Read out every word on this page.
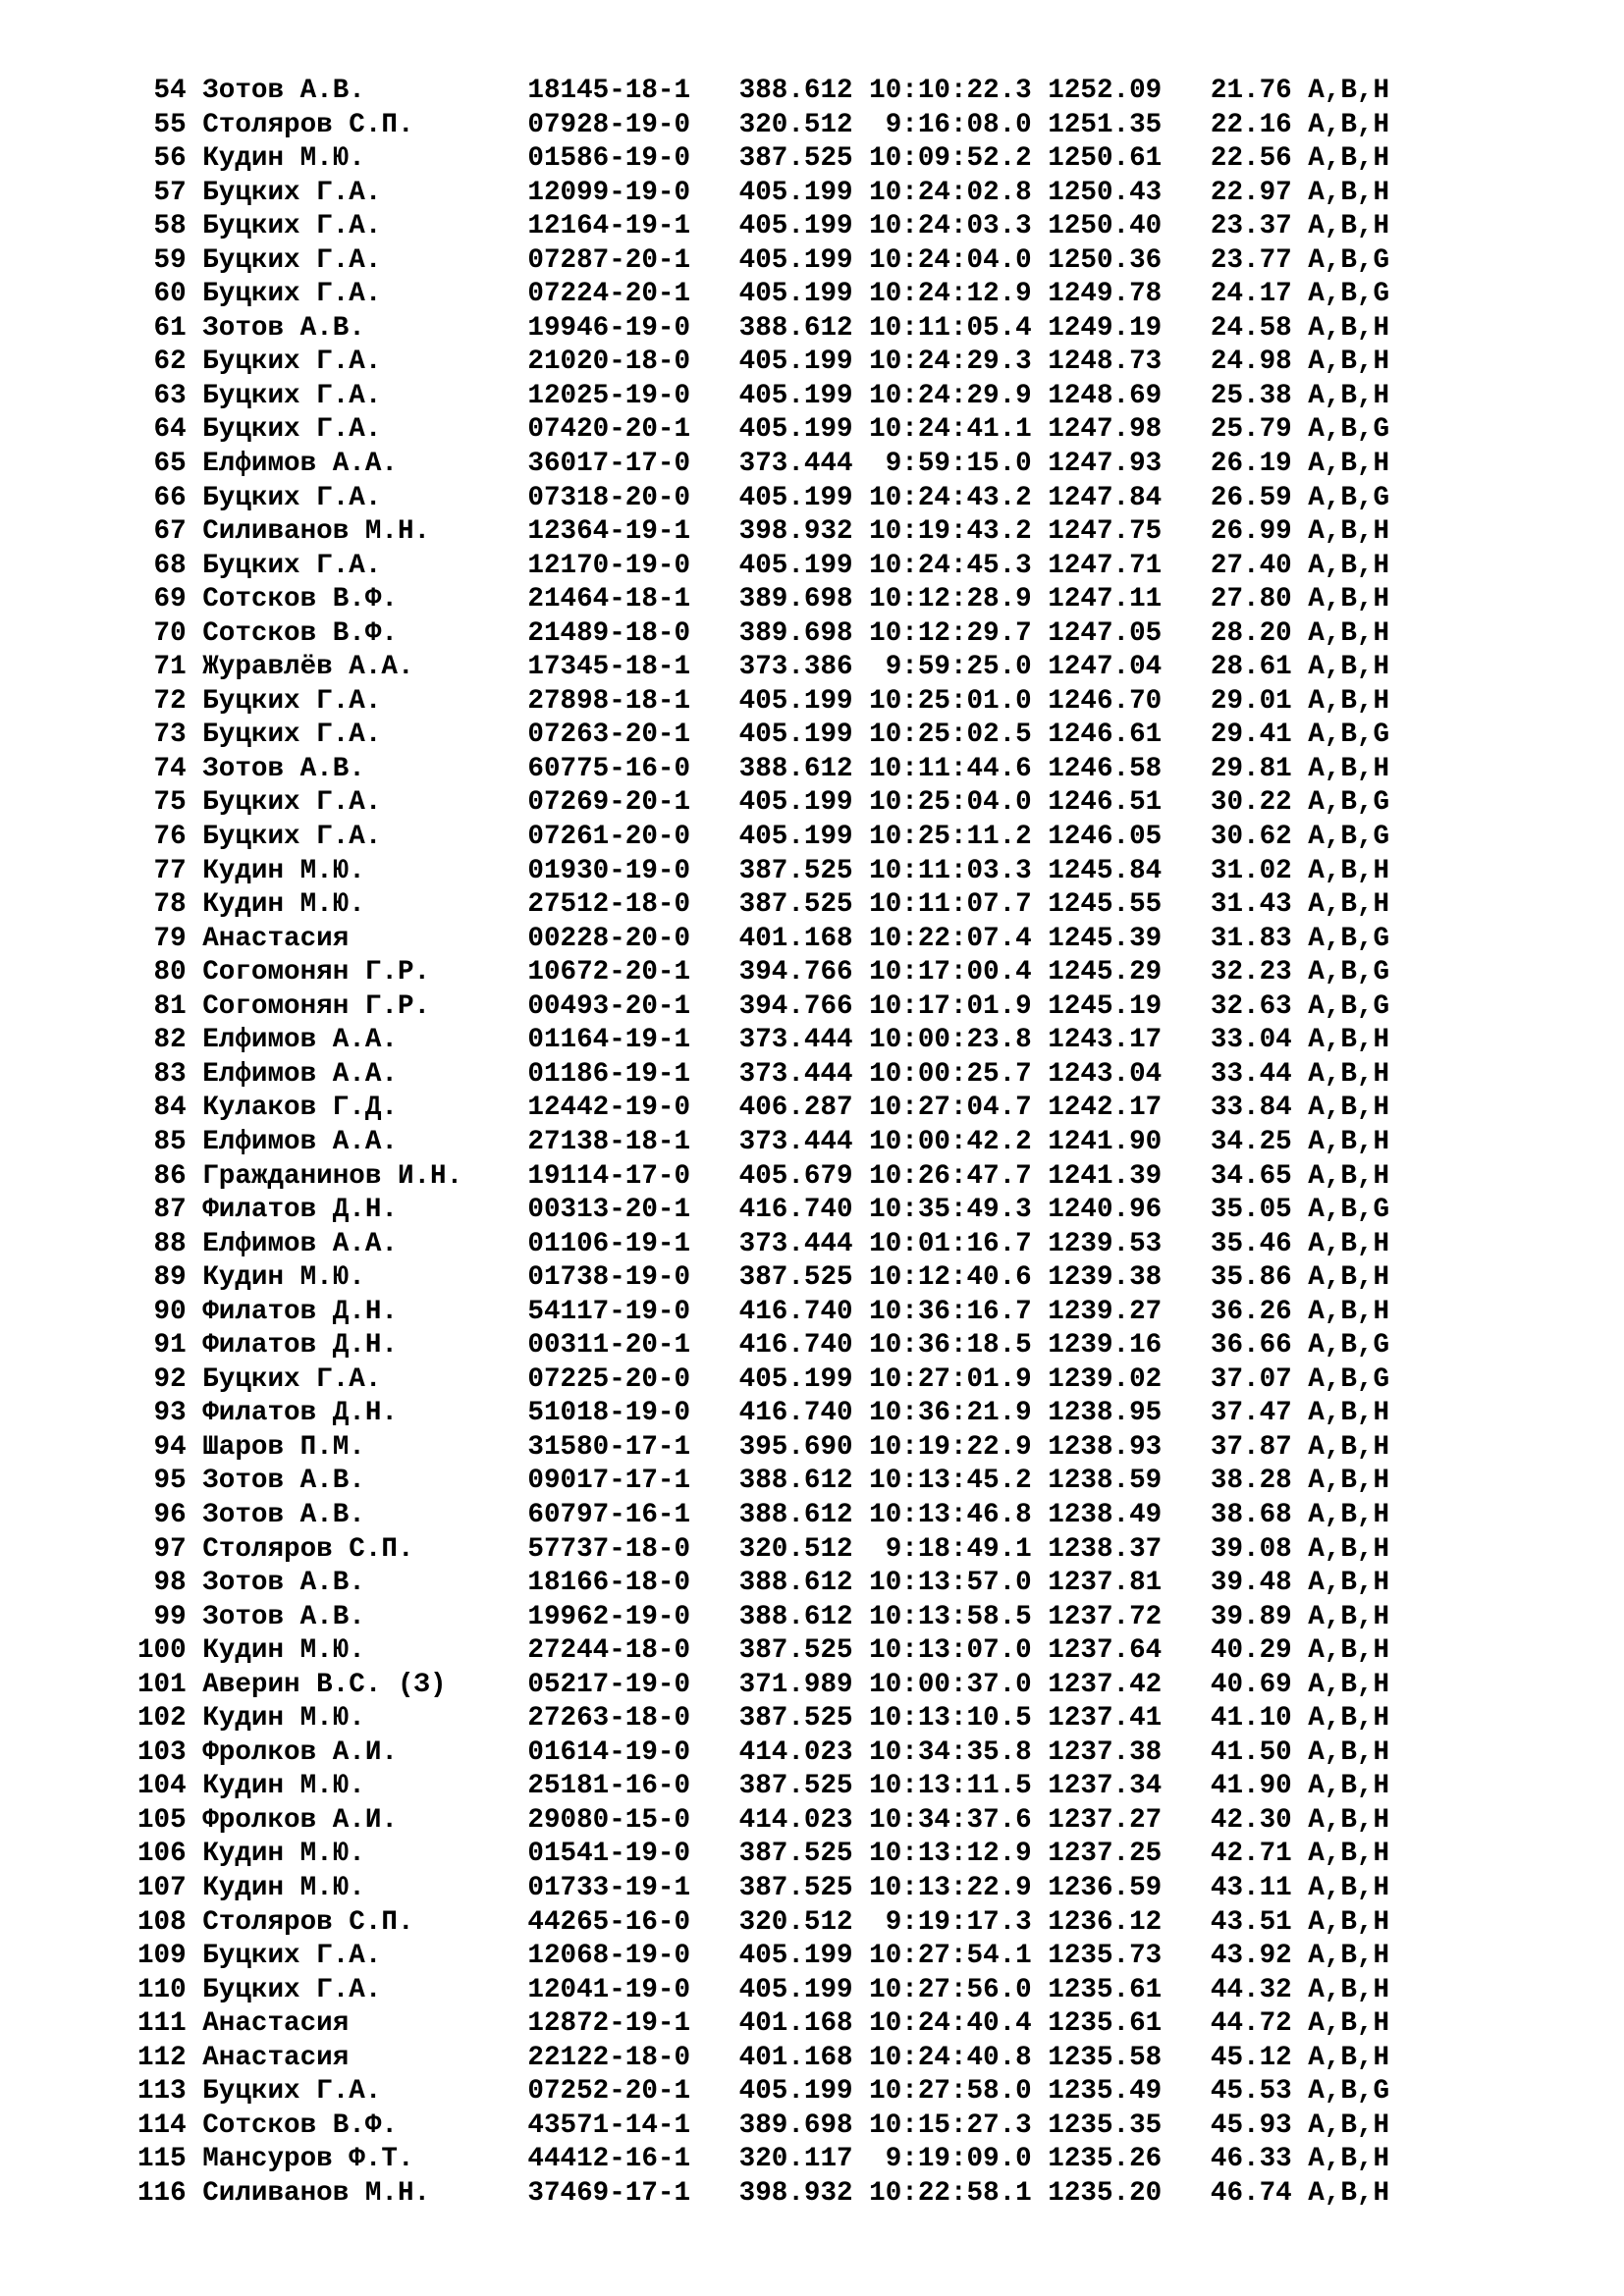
54 Зотов А.В.          18145-18-1   388.612 10:10:22.3 1252.09   21.76 A,B,H
55 Столяров С.П.       07928-19-0   320.512  9:16:08.0 1251.35   22.16 A,B,H
56 Кудин М.Ю.          01586-19-0   387.525 10:09:52.2 1250.61   22.56 A,B,H
57 Буцких Г.А.         12099-19-0   405.199 10:24:02.8 1250.43   22.97 A,B,H
58 Буцких Г.А.         12164-19-1   405.199 10:24:03.3 1250.40   23.37 A,B,H
59 Буцких Г.А.         07287-20-1   405.199 10:24:04.0 1250.36   23.77 A,B,G
60 Буцких Г.А.         07224-20-1   405.199 10:24:12.9 1249.78   24.17 A,B,G
61 Зотов А.В.          19946-19-0   388.612 10:11:05.4 1249.19   24.58 A,B,H
62 Буцких Г.А.         21020-18-0   405.199 10:24:29.3 1248.73   24.98 A,B,H
63 Буцких Г.А.         12025-19-0   405.199 10:24:29.9 1248.69   25.38 A,B,H
64 Буцких Г.А.         07420-20-1   405.199 10:24:41.1 1247.98   25.79 A,B,G
65 Елфимов А.А.        36017-17-0   373.444  9:59:15.0 1247.93   26.19 A,B,H
66 Буцких Г.А.         07318-20-0   405.199 10:24:43.2 1247.84   26.59 A,B,G
67 Силиванов М.Н.      12364-19-1   398.932 10:19:43.2 1247.75   26.99 A,B,H
68 Буцких Г.А.         12170-19-0   405.199 10:24:45.3 1247.71   27.40 A,B,H
69 Сотсков В.Ф.        21464-18-1   389.698 10:12:28.9 1247.11   27.80 A,B,H
70 Сотсков В.Ф.        21489-18-0   389.698 10:12:29.7 1247.05   28.20 A,B,H
71 Журавлёв А.А.       17345-18-1   373.386  9:59:25.0 1247.04   28.61 A,B,H
72 Буцких Г.А.         27898-18-1   405.199 10:25:01.0 1246.70   29.01 A,B,H
73 Буцких Г.А.         07263-20-1   405.199 10:25:02.5 1246.61   29.41 A,B,G
74 Зотов А.В.          60775-16-0   388.612 10:11:44.6 1246.58   29.81 A,B,H
75 Буцких Г.А.         07269-20-1   405.199 10:25:04.0 1246.51   30.22 A,B,G
76 Буцких Г.А.         07261-20-0   405.199 10:25:11.2 1246.05   30.62 A,B,G
77 Кудин М.Ю.          01930-19-0   387.525 10:11:03.3 1245.84   31.02 A,B,H
78 Кудин М.Ю.          27512-18-0   387.525 10:11:07.7 1245.55   31.43 A,B,H
79 Анастасия           00228-20-0   401.168 10:22:07.4 1245.39   31.83 A,B,G
80 Согомонян Г.Р.      10672-20-1   394.766 10:17:00.4 1245.29   32.23 A,B,G
81 Согомонян Г.Р.      00493-20-1   394.766 10:17:01.9 1245.19   32.63 A,B,G
82 Елфимов А.А.        01164-19-1   373.444 10:00:23.8 1243.17   33.04 A,B,H
83 Елфимов А.А.        01186-19-1   373.444 10:00:25.7 1243.04   33.44 A,B,H
84 Кулаков Г.Д.        12442-19-0   406.287 10:27:04.7 1242.17   33.84 A,B,H
85 Елфимов А.А.        27138-18-1   373.444 10:00:42.2 1241.90   34.25 A,B,H
86 Гражданинов И.Н.    19114-17-0   405.679 10:26:47.7 1241.39   34.65 A,B,H
87 Филатов Д.Н.        00313-20-1   416.740 10:35:49.3 1240.96   35.05 A,B,G
88 Елфимов А.А.        01106-19-1   373.444 10:01:16.7 1239.53   35.46 A,B,H
89 Кудин М.Ю.          01738-19-0   387.525 10:12:40.6 1239.38   35.86 A,B,H
90 Филатов Д.Н.        54117-19-0   416.740 10:36:16.7 1239.27   36.26 A,B,H
91 Филатов Д.Н.        00311-20-1   416.740 10:36:18.5 1239.16   36.66 A,B,G
92 Буцких Г.А.         07225-20-0   405.199 10:27:01.9 1239.02   37.07 A,B,G
93 Филатов Д.Н.        51018-19-0   416.740 10:36:21.9 1238.95   37.47 A,B,H
94 Шаров П.М.          31580-17-1   395.690 10:19:22.9 1238.93   37.87 A,B,H
95 Зотов А.В.          09017-17-1   388.612 10:13:45.2 1238.59   38.28 A,B,H
96 Зотов А.В.          60797-16-1   388.612 10:13:46.8 1238.49   38.68 A,B,H
97 Столяров С.П.       57737-18-0   320.512  9:18:49.1 1238.37   39.08 A,B,H
98 Зотов А.В.          18166-18-0   388.612 10:13:57.0 1237.81   39.48 A,B,H
99 Зотов А.В.          19962-19-0   388.612 10:13:58.5 1237.72   39.89 A,B,H
100 Кудин М.Ю.          27244-18-0   387.525 10:13:07.0 1237.64   40.29 A,B,H
101 Аверин В.С. (З)     05217-19-0   371.989 10:00:37.0 1237.42   40.69 A,B,H
102 Кудин М.Ю.          27263-18-0   387.525 10:13:10.5 1237.41   41.10 A,B,H
103 Фролков А.И.        01614-19-0   414.023 10:34:35.8 1237.38   41.50 A,B,H
104 Кудин М.Ю.          25181-16-0   387.525 10:13:11.5 1237.34   41.90 A,B,H
105 Фролков А.И.        29080-15-0   414.023 10:34:37.6 1237.27   42.30 A,B,H
106 Кудин М.Ю.          01541-19-0   387.525 10:13:12.9 1237.25   42.71 A,B,H
107 Кудин М.Ю.          01733-19-1   387.525 10:13:22.9 1236.59   43.11 A,B,H
108 Столяров С.П.       44265-16-0   320.512  9:19:17.3 1236.12   43.51 A,B,H
109 Буцких Г.А.         12068-19-0   405.199 10:27:54.1 1235.73   43.92 A,B,H
110 Буцких Г.А.         12041-19-0   405.199 10:27:56.0 1235.61   44.32 A,B,H
111 Анастасия           12872-19-1   401.168 10:24:40.4 1235.61   44.72 A,B,H
112 Анастасия           22122-18-0   401.168 10:24:40.8 1235.58   45.12 A,B,H
113 Буцких Г.А.         07252-20-1   405.199 10:27:58.0 1235.49   45.53 A,B,G
114 Сотсков В.Ф.        43571-14-1   389.698 10:15:27.3 1235.35   45.93 A,B,H
115 Мансуров Ф.Т.       44412-16-1   320.117  9:19:09.0 1235.26   46.33 A,B,H
116 Силиванов М.Н.      37469-17-1   398.932 10:22:58.1 1235.20   46.74 A,B,H
